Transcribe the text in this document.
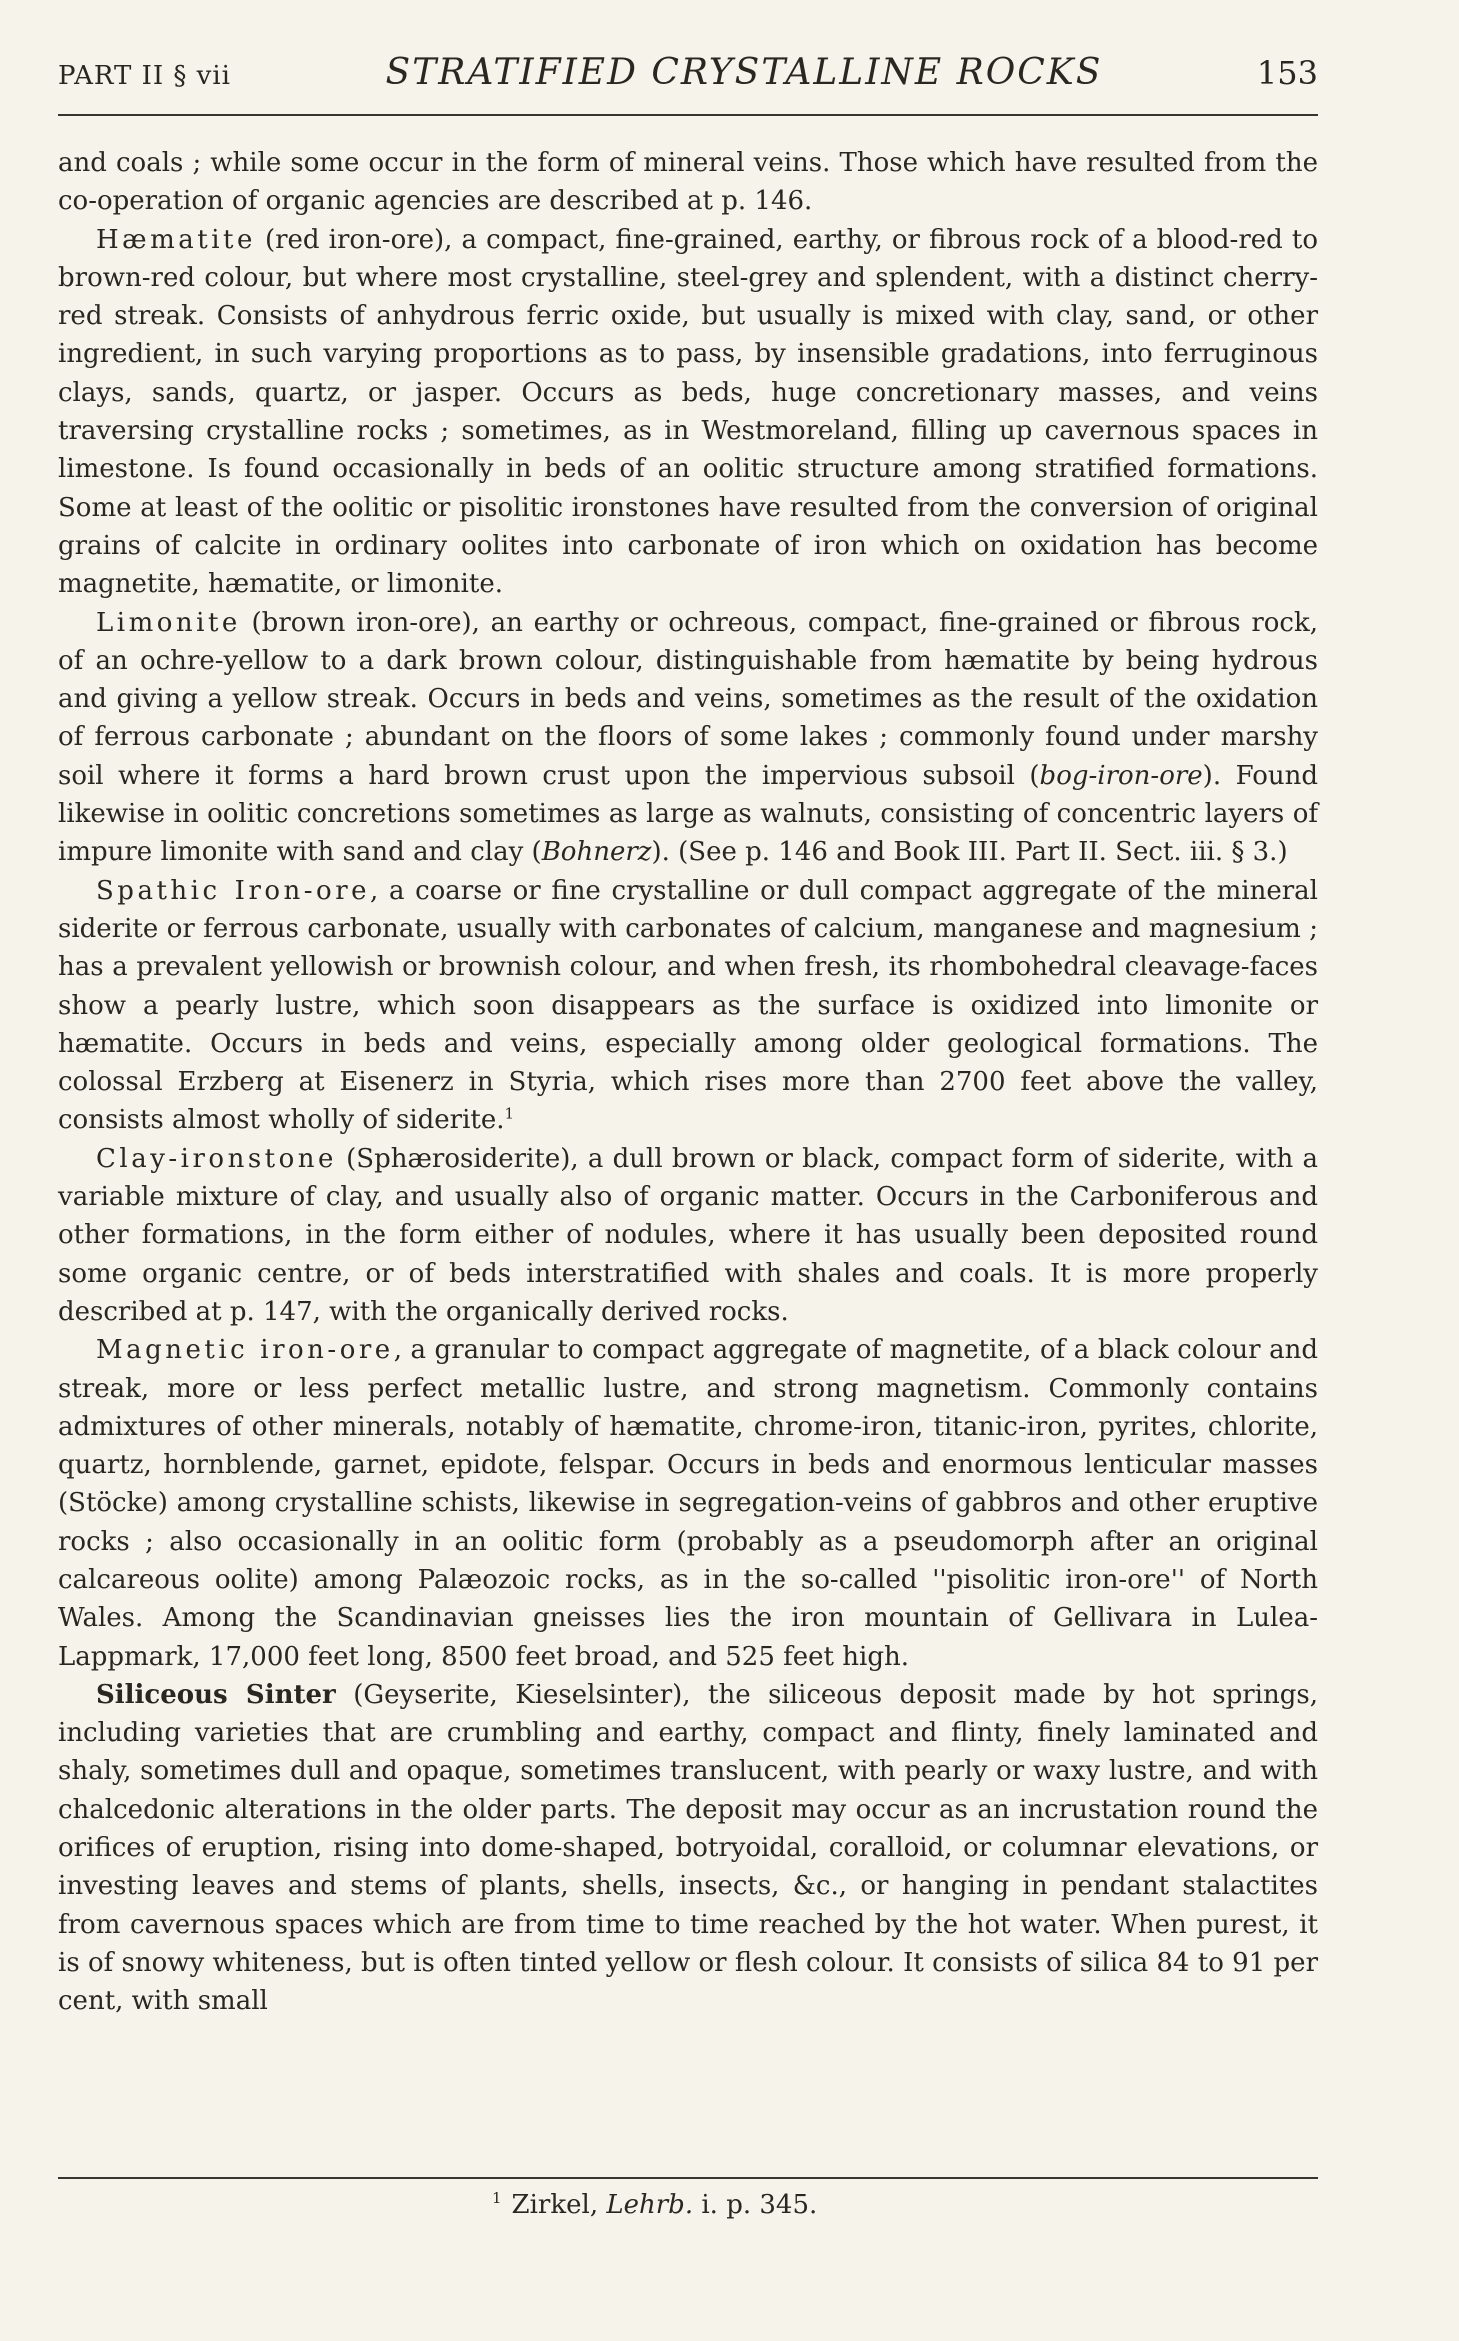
PART II § vii	STRATIFIED CRYSTALLINE ROCKS	153

and coals ; while some occur in the form of mineral veins. Those which have resulted from the co-operation of organic agencies are described at p. 146.

Hæmatite (red iron-ore), a compact, fine-grained, earthy, or fibrous rock of a blood-red to brown-red colour, but where most crystalline, steel-grey and splendent, with a distinct cherry-red streak. Consists of anhydrous ferric oxide, but usually is mixed with clay, sand, or other ingredient, in such varying proportions as to pass, by insensible gradations, into ferruginous clays, sands, quartz, or jasper. Occurs as beds, huge concretionary masses, and veins traversing crystalline rocks ; sometimes, as in Westmoreland, filling up cavernous spaces in limestone. Is found occasionally in beds of an oolitic structure among stratified formations. Some at least of the oolitic or pisolitic ironstones have resulted from the conversion of original grains of calcite in ordinary oolites into carbonate of iron which on oxidation has become magnetite, hæmatite, or limonite.

Limonite (brown iron-ore), an earthy or ochreous, compact, fine-grained or fibrous rock, of an ochre-yellow to a dark brown colour, distinguishable from hæmatite by being hydrous and giving a yellow streak. Occurs in beds and veins, sometimes as the result of the oxidation of ferrous carbonate ; abundant on the floors of some lakes ; commonly found under marshy soil where it forms a hard brown crust upon the impervious subsoil (bog-iron-ore). Found likewise in oolitic concretions sometimes as large as walnuts, consisting of concentric layers of impure limonite with sand and clay (Bohnerz). (See p. 146 and Book III. Part II. Sect. iii. § 3.)

Spathic Iron-ore, a coarse or fine crystalline or dull compact aggregate of the mineral siderite or ferrous carbonate, usually with carbonates of calcium, manganese and magnesium ; has a prevalent yellowish or brownish colour, and when fresh, its rhombohedral cleavage-faces show a pearly lustre, which soon disappears as the surface is oxidized into limonite or hæmatite. Occurs in beds and veins, especially among older geological formations. The colossal Erzberg at Eisenerz in Styria, which rises more than 2700 feet above the valley, consists almost wholly of siderite.$^1$

Clay-ironstone (Sphærosiderite), a dull brown or black, compact form of siderite, with a variable mixture of clay, and usually also of organic matter. Occurs in the Carboniferous and other formations, in the form either of nodules, where it has usually been deposited round some organic centre, or of beds interstratified with shales and coals. It is more properly described at p. 147, with the organically derived rocks.

Magnetic iron-ore, a granular to compact aggregate of magnetite, of a black colour and streak, more or less perfect metallic lustre, and strong magnetism. Commonly contains admixtures of other minerals, notably of hæmatite, chrome-iron, titanic-iron, pyrites, chlorite, quartz, hornblende, garnet, epidote, felspar. Occurs in beds and enormous lenticular masses (Stöcke) among crystalline schists, likewise in segregation-veins of gabbros and other eruptive rocks ; also occasionally in an oolitic form (probably as a pseudomorph after an original calcareous oolite) among Palæozoic rocks, as in the so-called ''pisolitic iron-ore'' of North Wales. Among the Scandinavian gneisses lies the iron mountain of Gellivara in Lulea-Lappmark, 17,000 feet long, 8500 feet broad, and 525 feet high.

Siliceous Sinter (Geyserite, Kieselsinter), the siliceous deposit made by hot springs, including varieties that are crumbling and earthy, compact and flinty, finely laminated and shaly, sometimes dull and opaque, sometimes translucent, with pearly or waxy lustre, and with chalcedonic alterations in the older parts. The deposit may occur as an incrustation round the orifices of eruption, rising into dome-shaped, botryoidal, coralloid, or columnar elevations, or investing leaves and stems of plants, shells, insects, &c., or hanging in pendant stalactites from cavernous spaces which are from time to time reached by the hot water. When purest, it is of snowy whiteness, but is often tinted yellow or flesh colour. It consists of silica 84 to 91 per cent, with small

$^1$ Zirkel, Lehrb. i. p. 345.
